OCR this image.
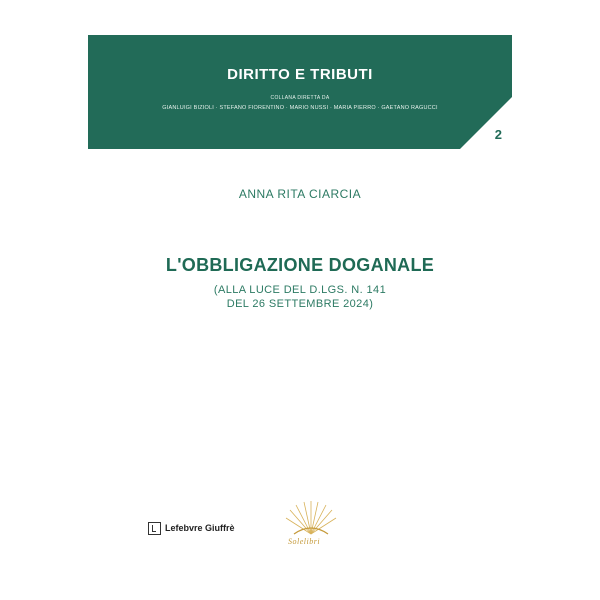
DIRITTO E TRIBUTI
COLLANA DIRETTA DA
GIANLUIGI BIZIOLI · STEFANO FIORENTINO · MARIO NUSSI · MARIA PIERRO · GAETANO RAGUCCI
2
ANNA RITA CIARCIA
L'OBBLIGAZIONE DOGANALE
(ALLA LUCE DEL D.LGS. N. 141
DEL 26 SETTEMBRE 2024)
Lefebvre Giuffrè
Solelibri
